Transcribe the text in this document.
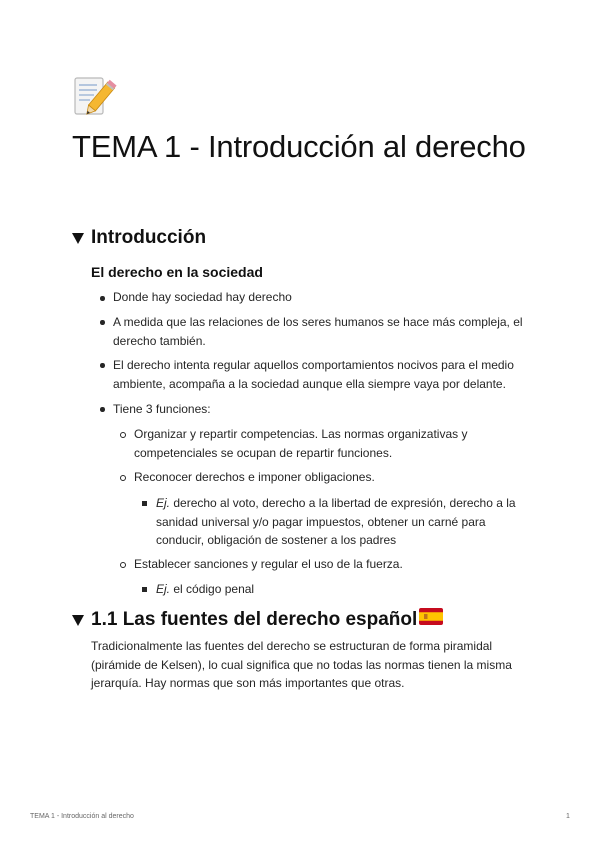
TEMA 1 - Introducción al derecho
Introducción
El derecho en la sociedad
Donde hay sociedad hay derecho
A medida que las relaciones de los seres humanos se hace más compleja, el derecho también.
El derecho intenta regular aquellos comportamientos nocivos para el medio ambiente, acompaña a la sociedad aunque ella siempre vaya por delante.
Tiene 3 funciones:
Organizar y repartir competencias. Las normas organizativas y competenciales se ocupan de repartir funciones.
Reconocer derechos e imponer obligaciones.
Ej. derecho al voto, derecho a la libertad de expresión, derecho a la sanidad universal y/o pagar impuestos, obtener un carné para conducir, obligación de sostener a los padres
Establecer sanciones y regular el uso de la fuerza.
Ej. el código penal
1.1 Las fuentes del derecho español

Tradicionalmente las fuentes del derecho se estructuran de forma piramidal (pirámide de Kelsen), lo cual significa que no todas las normas tienen la misma jerarquía. Hay normas que son más importantes que otras.

TEMA 1 - Introducción al derecho	1
